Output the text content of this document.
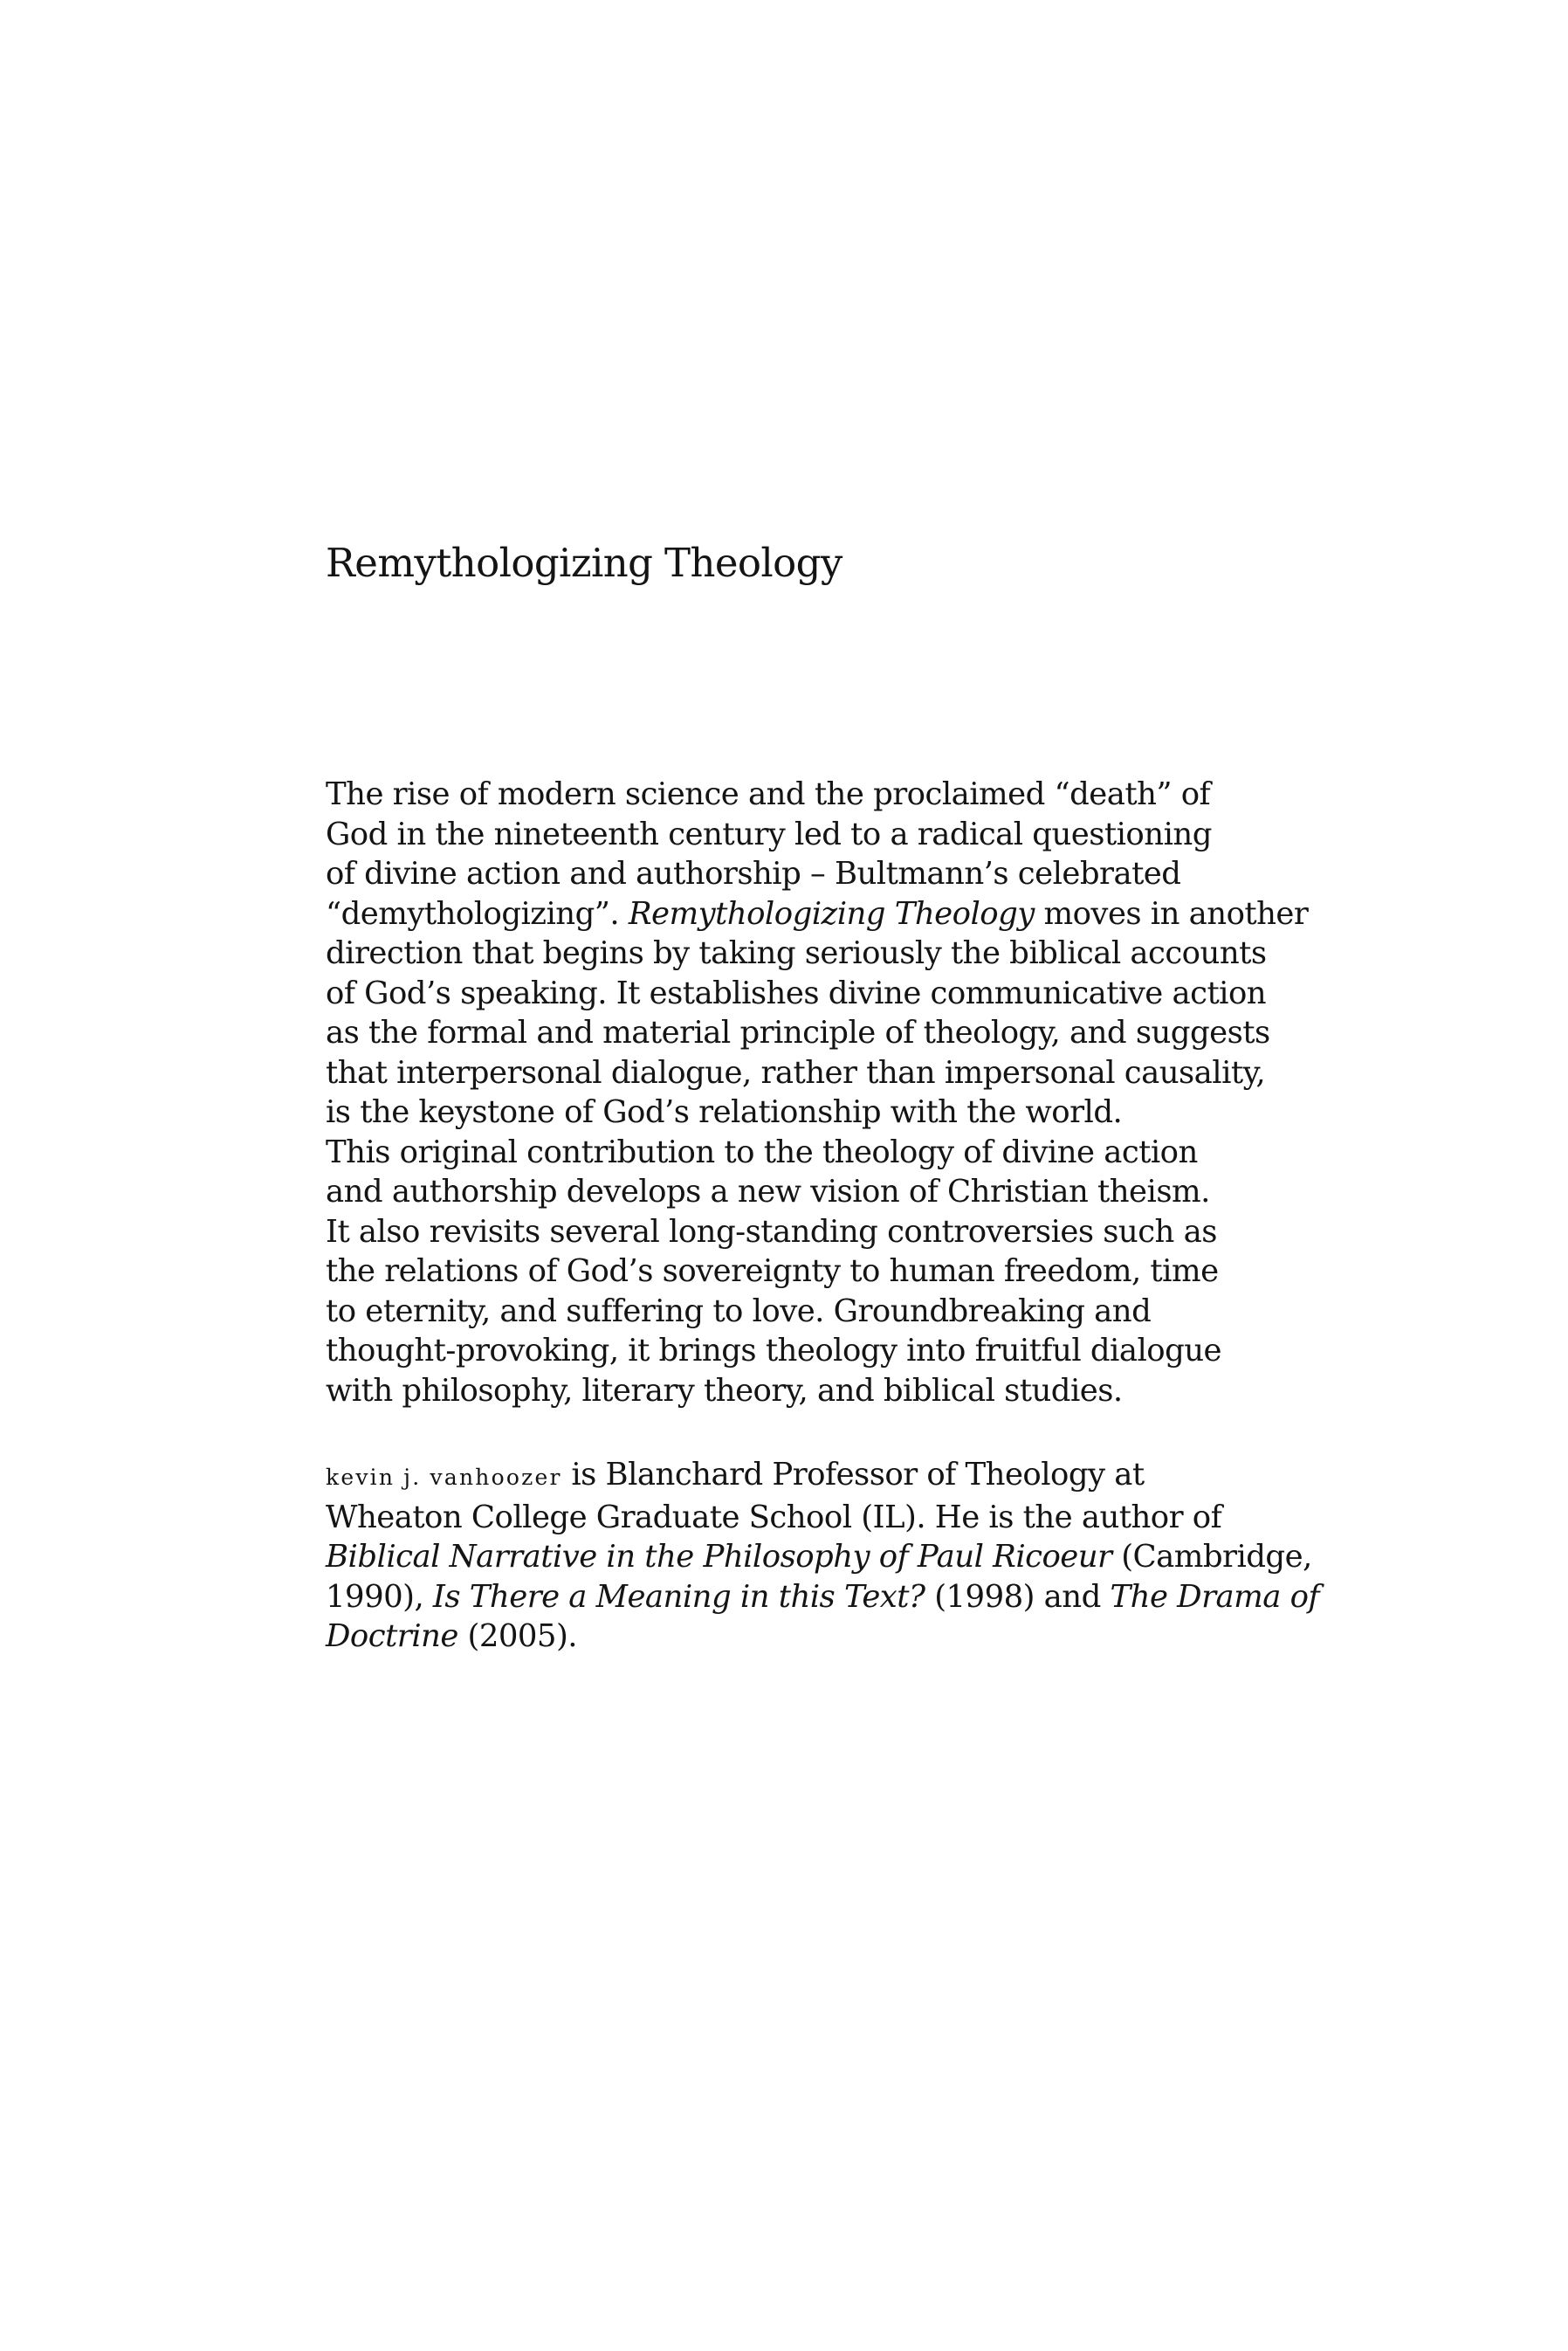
Remythologizing Theology
The rise of modern science and the proclaimed “death” of
God in the nineteenth century led to a radical questioning
of divine action and authorship – Bultmann’s celebrated
“demythologizing”. Remythologizing Theology moves in another
direction that begins by taking seriously the biblical accounts
of God’s speaking. It establishes divine communicative action
as the formal and material principle of theology, and suggests
that interpersonal dialogue, rather than impersonal causality,
is the keystone of God’s relationship with the world.
This original contribution to the theology of divine action
and authorship develops a new vision of Christian theism.
It also revisits several long-standing controversies such as
the relations of God’s sovereignty to human freedom, time
to eternity, and suffering to love. Groundbreaking and
thought-provoking, it brings theology into fruitful dialogue
with philosophy, literary theory, and biblical studies.
kevin j. vanhoozer is Blanchard Professor of Theology at
Wheaton College Graduate School (IL). He is the author of
Biblical Narrative in the Philosophy of Paul Ricoeur (Cambridge,
1990), Is There a Meaning in this Text? (1998) and The Drama of
Doctrine (2005).
